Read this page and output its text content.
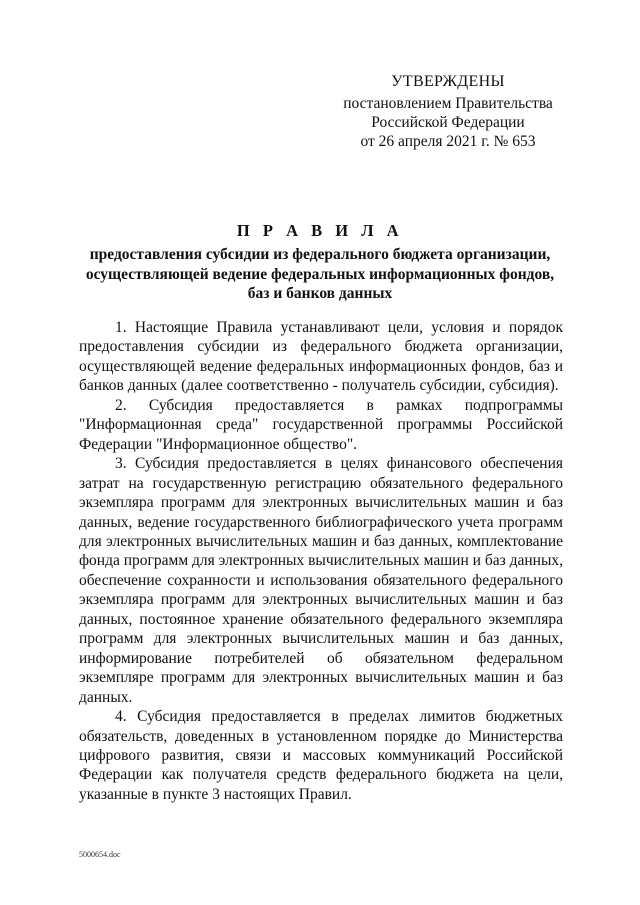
УТВЕРЖДЕНЫ
постановлением Правительства
Российской Федерации
от 26 апреля 2021 г. № 653
П Р А В И Л А
предоставления субсидии из федерального бюджета организации,
осуществляющей ведение федеральных информационных фондов,
баз и банков данных

1. Настоящие Правила устанавливают цели, условия и порядок предоставления субсидии из федерального бюджета организации, осуществляющей ведение федеральных информационных фондов, баз и банков данных (далее соответственно - получатель субсидии, субсидия).

2. Субсидия предоставляется в рамках подпрограммы "Информационная среда" государственной программы Российской Федерации "Информационное общество".

3. Субсидия предоставляется в целях финансового обеспечения затрат на государственную регистрацию обязательного федерального экземпляра программ для электронных вычислительных машин и баз данных, ведение государственного библиографического учета программ для электронных вычислительных машин и баз данных, комплектование фонда программ для электронных вычислительных машин и баз данных, обеспечение сохранности и использования обязательного федерального экземпляра программ для электронных вычислительных машин и баз данных, постоянное хранение обязательного федерального экземпляра программ для электронных вычислительных машин и баз данных, информирование потребителей об обязательном федеральном экземпляре программ для электронных вычислительных машин и баз данных.

4. Субсидия предоставляется в пределах лимитов бюджетных обязательств, доведенных в установленном порядке до Министерства цифрового развития, связи и массовых коммуникаций Российской Федерации как получателя средств федерального бюджета на цели, указанные в пункте 3 настоящих Правил.

5000654.doc
